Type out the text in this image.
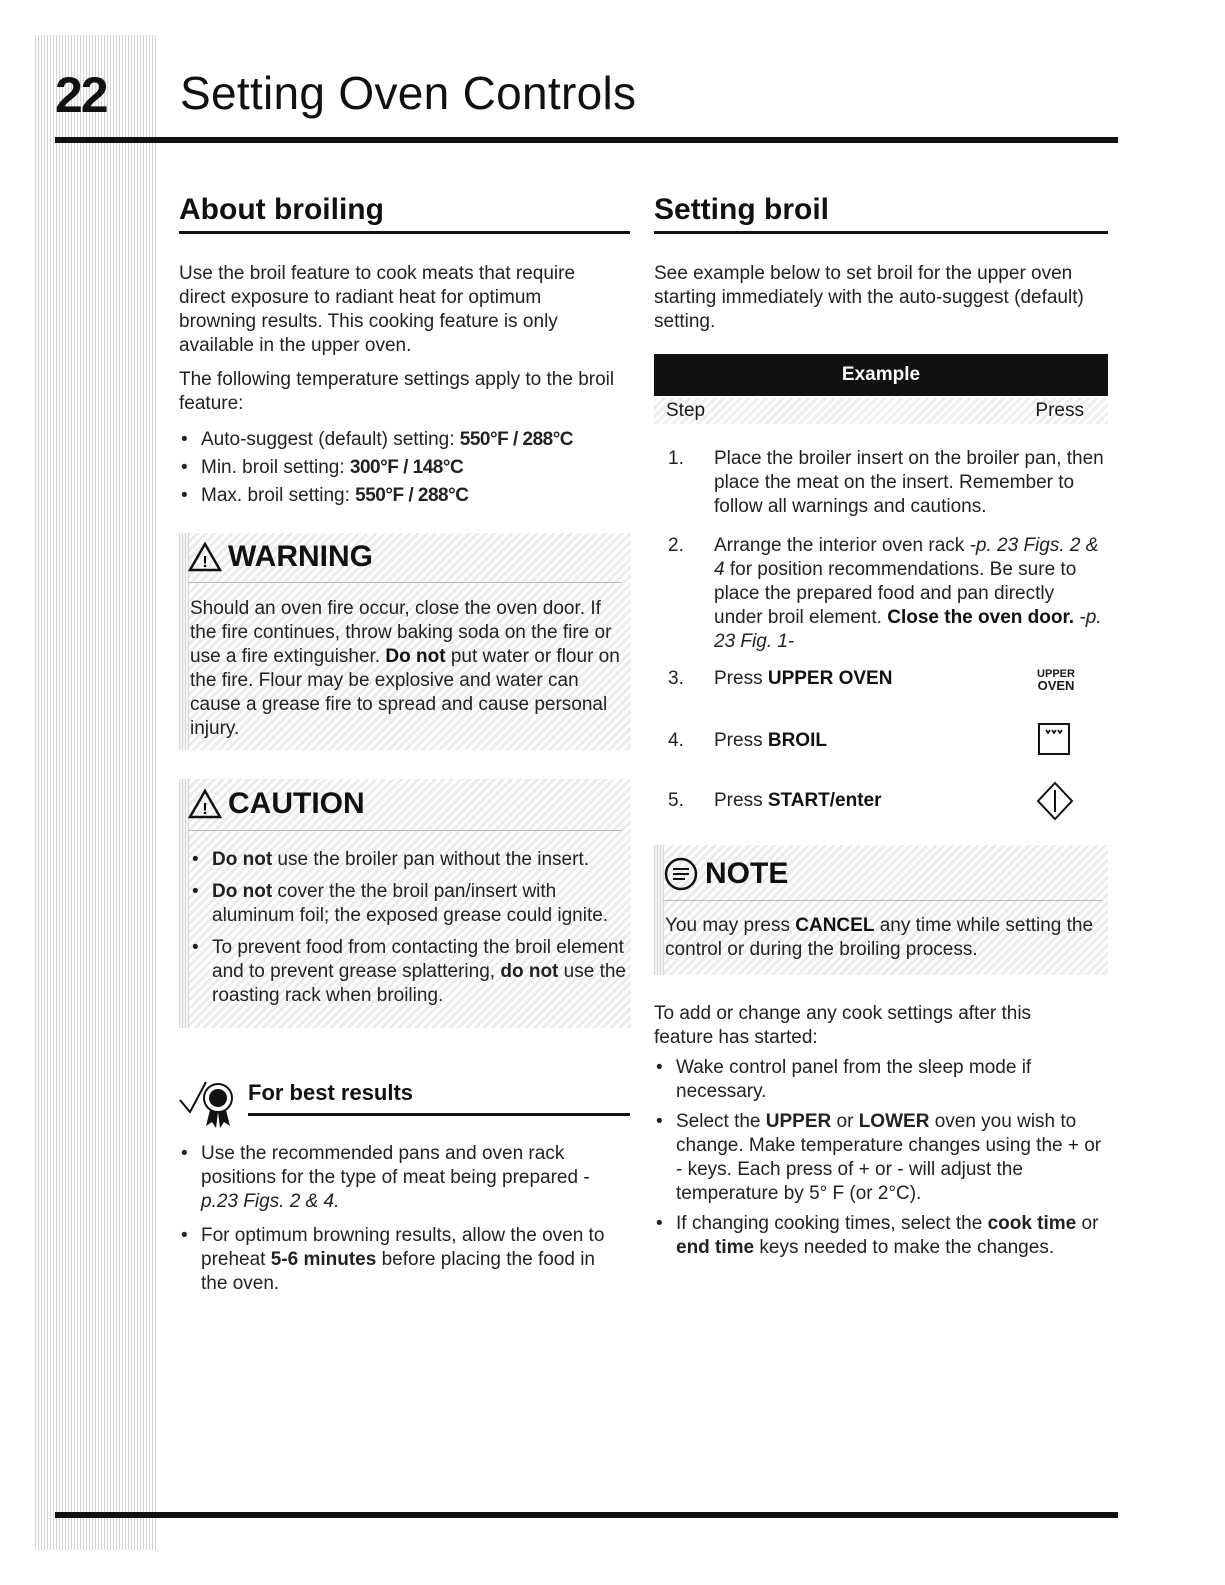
22 Setting Oven Controls
About broiling
Use the broil feature to cook meats that require direct exposure to radiant heat for optimum browning results. This cooking feature is only available in the upper oven.
The following temperature settings apply to the broil feature:
• Auto-suggest (default) setting: 550°F / 288°C
• Min. broil setting: 300°F / 148°C
• Max. broil setting: 550°F / 288°C
! WARNING
Should an oven fire occur, close the oven door. If the fire continues, throw baking soda on the fire or use a fire extinguisher. Do not put water or flour on the fire. Flour may be explosive and water can cause a grease fire to spread and cause personal injury.
! CAUTION
• Do not use the broiler pan without the insert.
• Do not cover the the broil pan/insert with aluminum foil; the exposed grease could ignite.
• To prevent food from contacting the broil element and to prevent grease splattering, do not use the roasting rack when broiling.
For best results
• Use the recommended pans and oven rack positions for the type of meat being prepared - p.23 Figs. 2 & 4.
• For optimum browning results, allow the oven to preheat 5-6 minutes before placing the food in the oven.
Setting broil
See example below to set broil for the upper oven starting immediately with the auto-suggest (default) setting.
Example
Step	Press
1. Place the broiler insert on the broiler pan, then place the meat on the insert. Remember to follow all warnings and cautions.
2. Arrange the interior oven rack -p. 23 Figs. 2 & 4 for position recommendations. Be sure to place the prepared food and pan directly under broil element. Close the oven door. -p. 23 Fig. 1-
3. Press UPPER OVEN	UPPER
OVEN
4. Press BROIL
5. Press START/enter
NOTE
You may press CANCEL any time while setting the control or during the broiling process.
To add or change any cook settings after this feature has started:
• Wake control panel from the sleep mode if necessary.
• Select the UPPER or LOWER oven you wish to change. Make temperature changes using the + or - keys. Each press of + or - will adjust the temperature by 5° F (or 2°C).
• If changing cooking times, select the cook time or end time keys needed to make the changes.
